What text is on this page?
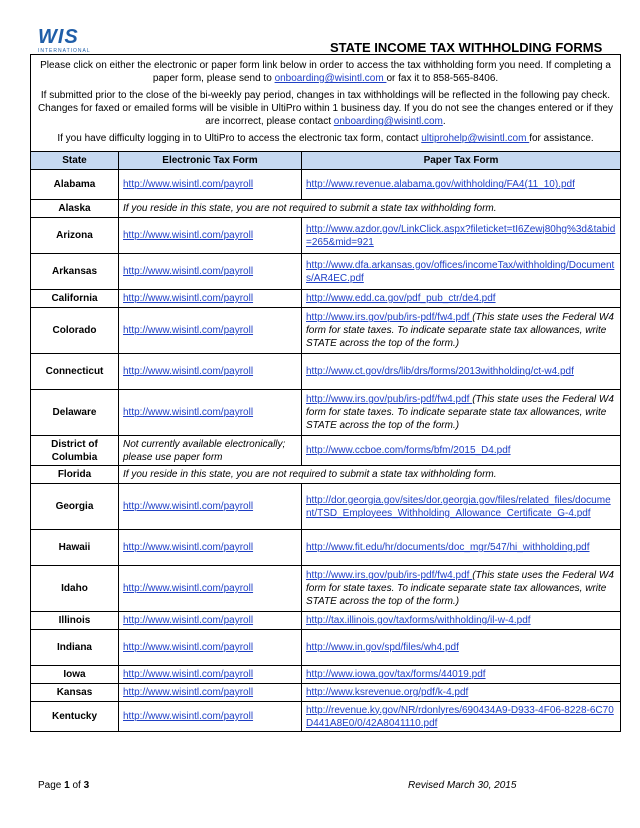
WIS
INTERNATIONAL	STATE INCOME TAX WITHHOLDING FORMS

Please click on either the electronic or paper form link below in order to access the tax withholding form you need. If completing a paper form, please send to onboarding@wisintl.com or fax it to 858-565-8406.

If submitted prior to the close of the bi-weekly pay period, changes in tax withholdings will be reflected in the following pay check. Changes for faxed or emailed forms will be visible in UltiPro within 1 business day. If you do not see the changes entered or if they are incorrect, please contact onboarding@wisintl.com.

If you have difficulty logging in to UltiPro to access the electronic tax form, contact ultiprohelp@wisintl.com for assistance.		

State	Electronic Tax Form	Paper Tax Form
Alabama	http://www.wisintl.com/payroll	http://www.revenue.alabama.gov/withholding/FA4(11_10).pdf
Alaska	If you reside in this state, you are not required to submit a state tax withholding form.	
Arizona	http://www.wisintl.com/payroll	http://www.azdor.gov/LinkClick.aspx?fileticket=tI6Zewj80hg%3d&tabid=265&mid=921
Arkansas	http://www.wisintl.com/payroll	http://www.dfa.arkansas.gov/offices/incomeTax/withholding/Documents/AR4EC.pdf
California	http://www.wisintl.com/payroll	http://www.edd.ca.gov/pdf_pub_ctr/de4.pdf
Colorado	http://www.wisintl.com/payroll	http://www.irs.gov/pub/irs-pdf/fw4.pdf (This state uses the Federal W4 form for state taxes. To indicate separate state tax allowances, write STATE across the top of the form.)
Connecticut	http://www.wisintl.com/payroll	http://www.ct.gov/drs/lib/drs/forms/2013withholding/ct-w4.pdf
Delaware	http://www.wisintl.com/payroll	http://www.irs.gov/pub/irs-pdf/fw4.pdf (This state uses the Federal W4 form for state taxes. To indicate separate state tax allowances, write STATE across the top of the form.)
District of Columbia	Not currently available electronically; please use paper form	http://www.ccboe.com/forms/bfm/2015_D4.pdf
Florida	If you reside in this state, you are not required to submit a state tax withholding form.	
Georgia	http://www.wisintl.com/payroll	http://dor.georgia.gov/sites/dor.georgia.gov/files/related_files/document/TSD_Employees_Withholding_Allowance_Certificate_G-4.pdf
Hawaii	http://www.wisintl.com/payroll	http://www.fit.edu/hr/documents/doc_mgr/547/hi_withholding.pdf
Idaho	http://www.wisintl.com/payroll	http://www.irs.gov/pub/irs-pdf/fw4.pdf (This state uses the Federal W4 form for state taxes. To indicate separate state tax allowances, write STATE across the top of the form.)
Illinois	http://www.wisintl.com/payroll	http://tax.illinois.gov/taxforms/withholding/il-w-4.pdf
Indiana	http://www.wisintl.com/payroll	http://www.in.gov/spd/files/wh4.pdf
Iowa	http://www.wisintl.com/payroll	http://www.iowa.gov/tax/forms/44019.pdf
Kansas	http://www.wisintl.com/payroll	http://www.ksrevenue.org/pdf/k-4.pdf
Kentucky	http://www.wisintl.com/payroll	http://revenue.ky.gov/NR/rdonlyres/690434A9-D933-4F06-8228-6C70D441A8E0/0/42A8041110.pdf
Page 1 of 3	Revised March 30, 2015
